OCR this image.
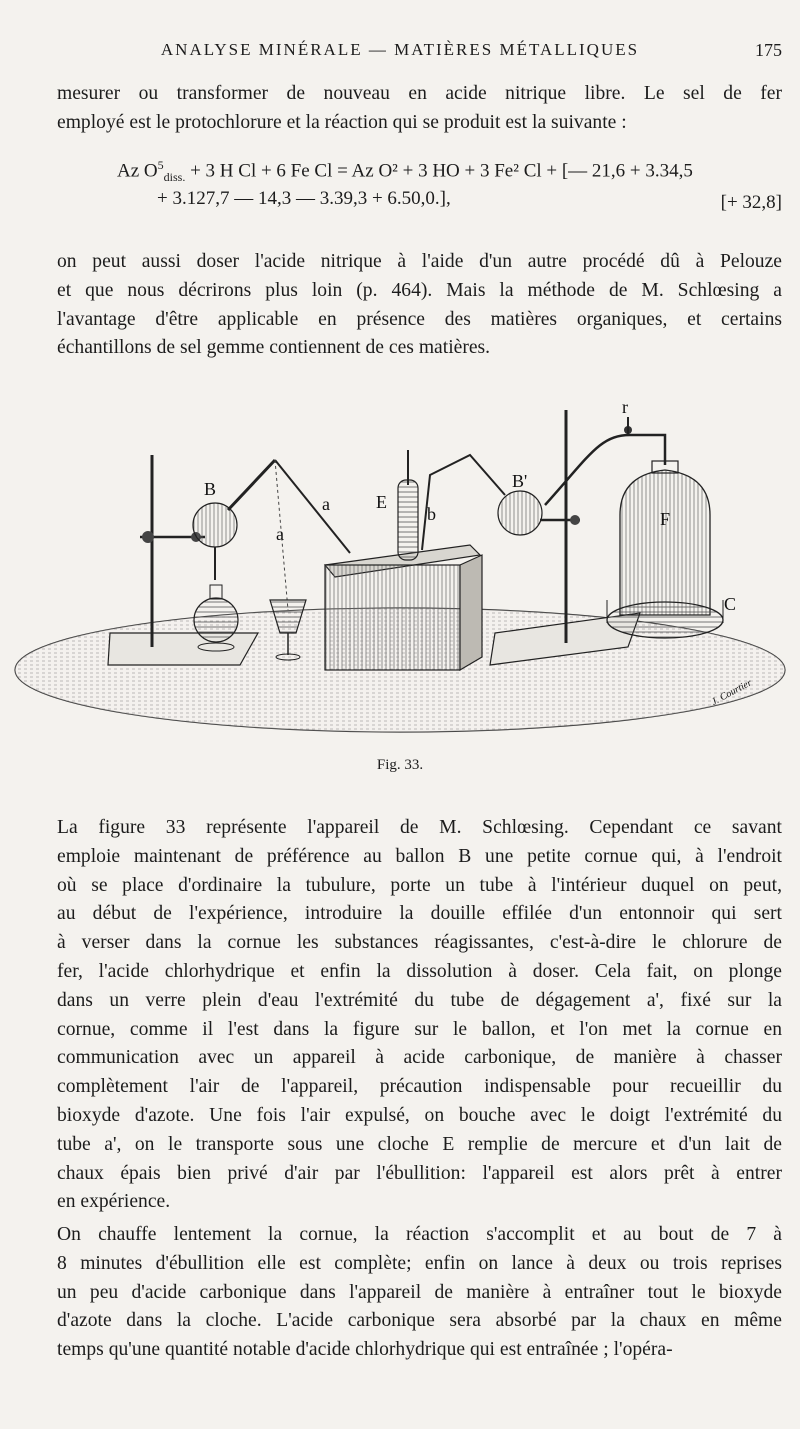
ANALYSE MINÉRALE — MATIÈRES MÉTALLIQUES	175
mesurer ou transformer de nouveau en acide nitrique libre. Le sel de fer
employé est le protochlorure et la réaction qui se produit est la suivante :
Az $O^5_{diss.} + 3$ H Cl + 6 Fe Cl = Az O² + 3 HO + 3 Fe² Cl + [— 21,6 + 3.34,5
+ 3.127,7 — 14,3 — 3.39,3 + 6.50,0.],	[+ 32,8]
on peut aussi doser l'acide nitrique à l'aide d'un autre procédé dû à Pelouze
et que nous décrirons plus loin (p. 464). Mais la méthode de M. Schlœsing a
l'avantage d'être applicable en présence des matières organiques, et certains
échantillons de sel gemme contiennent de ces matières.
B
a
a	E
b
B'
r
F
C
J. Courtier
Fig. 33.
La figure 33 représente l'appareil de M. Schlœsing. Cependant ce savant
emploie maintenant de préférence au ballon B une petite cornue qui, à l'endroit
où se place d'ordinaire la tubulure, porte un tube à l'intérieur duquel on peut,
au début de l'expérience, introduire la douille effilée d'un entonnoir qui sert
à verser dans la cornue les substances réagissantes, c'est-à-dire le chlorure de
fer, l'acide chlorhydrique et enfin la dissolution à doser. Cela fait, on plonge
dans un verre plein d'eau l'extrémité du tube de dégagement a', fixé sur la
cornue, comme il l'est dans la figure sur le ballon, et l'on met la cornue en
communication avec un appareil à acide carbonique, de manière à chasser
complètement l'air de l'appareil, précaution indispensable pour recueillir du
bioxyde d'azote. Une fois l'air expulsé, on bouche avec le doigt l'extrémité du
tube a', on le transporte sous une cloche E remplie de mercure et d'un lait de
chaux épais bien privé d'air par l'ébullition: l'appareil est alors prêt à entrer
en expérience.
On chauffe lentement la cornue, la réaction s'accomplit et au bout de 7 à
8 minutes d'ébullition elle est complète; enfin on lance à deux ou trois reprises
un peu d'acide carbonique dans l'appareil de manière à entraîner tout le bioxyde
d'azote dans la cloche. L'acide carbonique sera absorbé par la chaux en même
temps qu'une quantité notable d'acide chlorhydrique qui est entraînée ; l'opéra-
